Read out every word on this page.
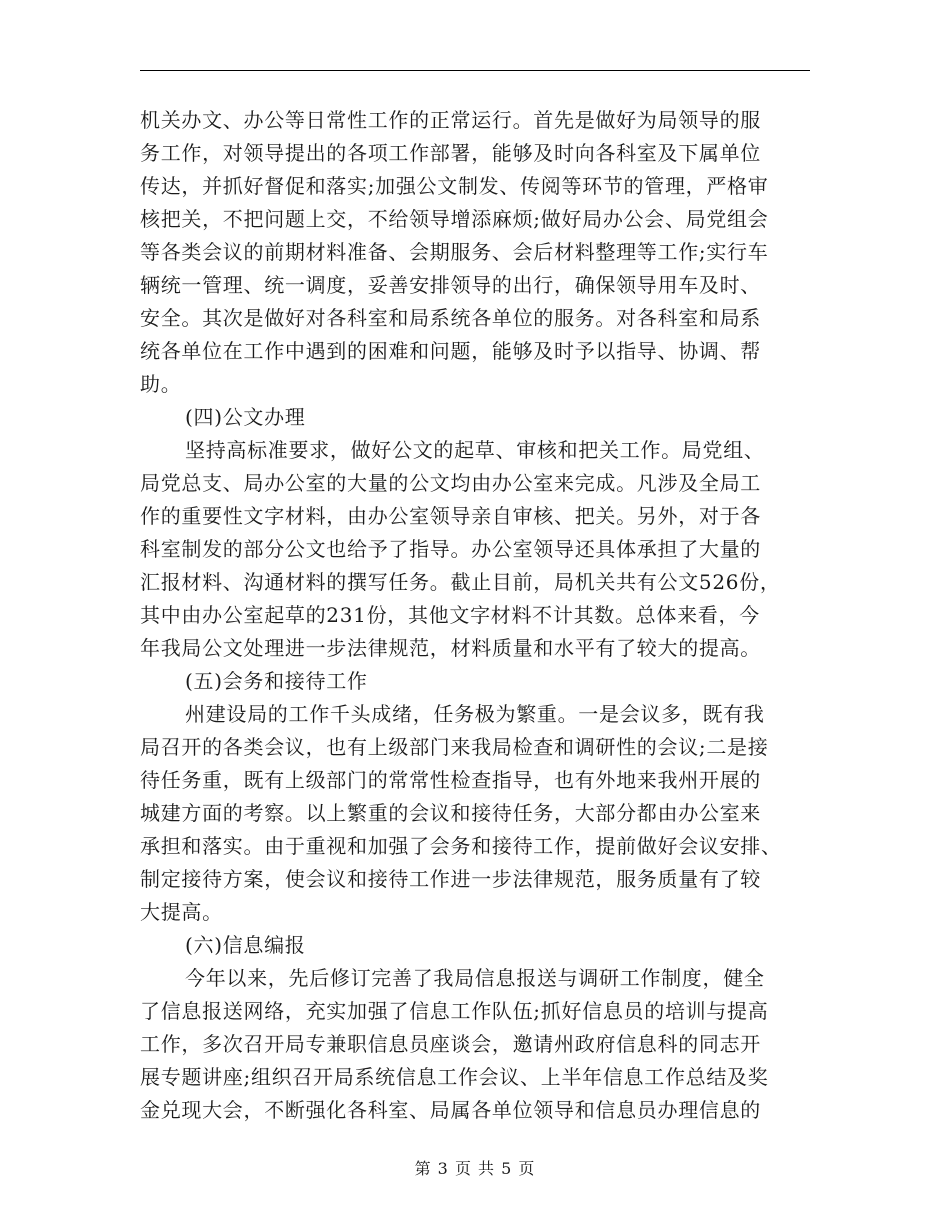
机关办文、办公等日常性工作的正常运行。首先是做好为局领导的服
务工作，对领导提出的各项工作部署，能够及时向各科室及下属单位
传达，并抓好督促和落实;加强公文制发、传阅等环节的管理，严格审
核把关，不把问题上交，不给领导增添麻烦;做好局办公会、局党组会
等各类会议的前期材料准备、会期服务、会后材料整理等工作;实行车
辆统一管理、统一调度，妥善安排领导的出行，确保领导用车及时、
安全。其次是做好对各科室和局系统各单位的服务。对各科室和局系
统各单位在工作中遇到的困难和问题，能够及时予以指导、协调、帮
助。
(四)公文办理
坚持高标准要求，做好公文的起草、审核和把关工作。局党组、
局党总支、局办公室的大量的公文均由办公室来完成。凡涉及全局工
作的重要性文字材料，由办公室领导亲自审核、把关。另外，对于各
科室制发的部分公文也给予了指导。办公室领导还具体承担了大量的
汇报材料、沟通材料的撰写任务。截止目前，局机关共有公文526份，
其中由办公室起草的231份，其他文字材料不计其数。总体来看，今
年我局公文处理进一步法律规范，材料质量和水平有了较大的提高。
(五)会务和接待工作
州建设局的工作千头成绪，任务极为繁重。一是会议多，既有我
局召开的各类会议，也有上级部门来我局检查和调研性的会议;二是接
待任务重，既有上级部门的常常性检查指导，也有外地来我州开展的
城建方面的考察。以上繁重的会议和接待任务，大部分都由办公室来
承担和落实。由于重视和加强了会务和接待工作，提前做好会议安排、
制定接待方案，使会议和接待工作进一步法律规范，服务质量有了较
大提高。
(六)信息编报
今年以来，先后修订完善了我局信息报送与调研工作制度，健全
了信息报送网络，充实加强了信息工作队伍;抓好信息员的培训与提高
工作，多次召开局专兼职信息员座谈会，邀请州政府信息科的同志开
展专题讲座;组织召开局系统信息工作会议、上半年信息工作总结及奖
金兑现大会，不断强化各科室、局属各单位领导和信息员办理信息的
第 3 页 共 5 页
